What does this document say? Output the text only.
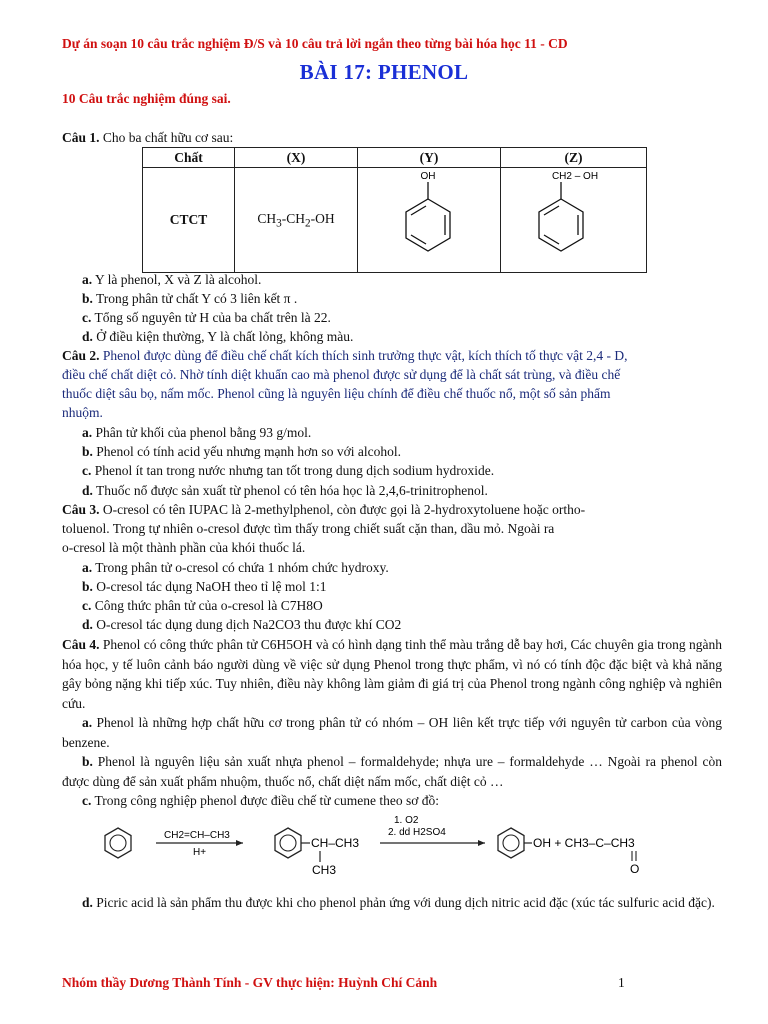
Dự án soạn 10 câu trắc nghiệm Đ/S và 10 câu trả lời ngắn theo từng bài hóa học 11 - CD
BÀI 17: PHENOL
10 Câu trắc nghiệm đúng sai.
Câu 1. Cho ba chất hữu cơ sau:
Chất	(X)	(Y)	(Z)
CTCT	$CH_3-CH_2-OH$	OH	CH2 – OH
a. Y là phenol, X và Z là alcohol.
b. Trong phân tử chất Y có 3 liên kết π .
c. Tổng số nguyên tử H của ba chất trên là 22.
d. Ở điều kiện thường, Y là chất lỏng, không màu.
Câu 2. Phenol được dùng để điều chế chất kích thích sinh trưởng thực vật, kích thích tố thực vật 2,4 - D,
điều chế chất diệt cỏ. Nhờ tính diệt khuẩn cao mà phenol được sử dụng để là chất sát trùng, và điều chế
thuốc diệt sâu bọ, nấm mốc. Phenol cũng là nguyên liệu chính để điều chế thuốc nổ, một số sản phẩm
nhuộm.
a. Phân tử khối của phenol bằng 93 g/mol.
b. Phenol có tính acid yếu nhưng mạnh hơn so với alcohol.
c. Phenol ít tan trong nước nhưng tan tốt trong dung dịch sodium hydroxide.
d. Thuốc nổ được sản xuất từ phenol có tên hóa học là 2,4,6-trinitrophenol.
Câu 3. O-cresol có tên IUPAC là 2-methylphenol, còn được gọi là 2-hydroxytoluene hoặc ortho-
toluenol. Trong tự nhiên o-cresol được tìm thấy trong chiết suất cặn than, dầu mỏ. Ngoài ra
o-cresol là một thành phần của khói thuốc lá.
a. Trong phân tử o-cresol có chứa 1 nhóm chức hydroxy.
b. O-cresol tác dụng NaOH theo tỉ lệ mol 1:1
c. Công thức phân tử của o-cresol là C7H8O
d. O-cresol tác dụng dung dịch Na2CO3 thu được khí CO2
Câu 4. Phenol có công thức phân tử C6H5OH và có hình dạng tinh thể màu trắng dễ bay hơi, Các chuyên gia trong ngành hóa học, y tế luôn cảnh báo người dùng về việc sử dụng Phenol trong thực phẩm, vì nó có tính độc đặc biệt và khả năng gây bỏng nặng khi tiếp xúc. Tuy nhiên, điều này không làm giảm đi giá trị của Phenol trong ngành công nghiệp và nghiên cứu.
a. Phenol là những hợp chất hữu cơ trong phân tử có nhóm – OH liên kết trực tiếp với nguyên tử carbon của vòng benzene.
b. Phenol là nguyên liệu sản xuất nhựa phenol – formaldehyde; nhựa ure – formaldehyde … Ngoài ra phenol còn được dùng để sản xuất phẩm nhuộm, thuốc nổ, chất diệt nấm mốc, chất diệt cỏ …
c. Trong công nghiệp phenol được điều chế từ cumene theo sơ đồ:
CH2=CH–CH3
H+
CH–CH3
CH3
1. O2
2. dd H2SO4
OH + CH3–C–CH3
O
d. Picric acid là sản phẩm thu được khi cho phenol phản ứng với dung dịch nitric acid đặc (xúc tác sulfuric acid đặc).
Nhóm thầy Dương Thành Tính - GV thực hiện: Huỳnh Chí Cảnh	1
